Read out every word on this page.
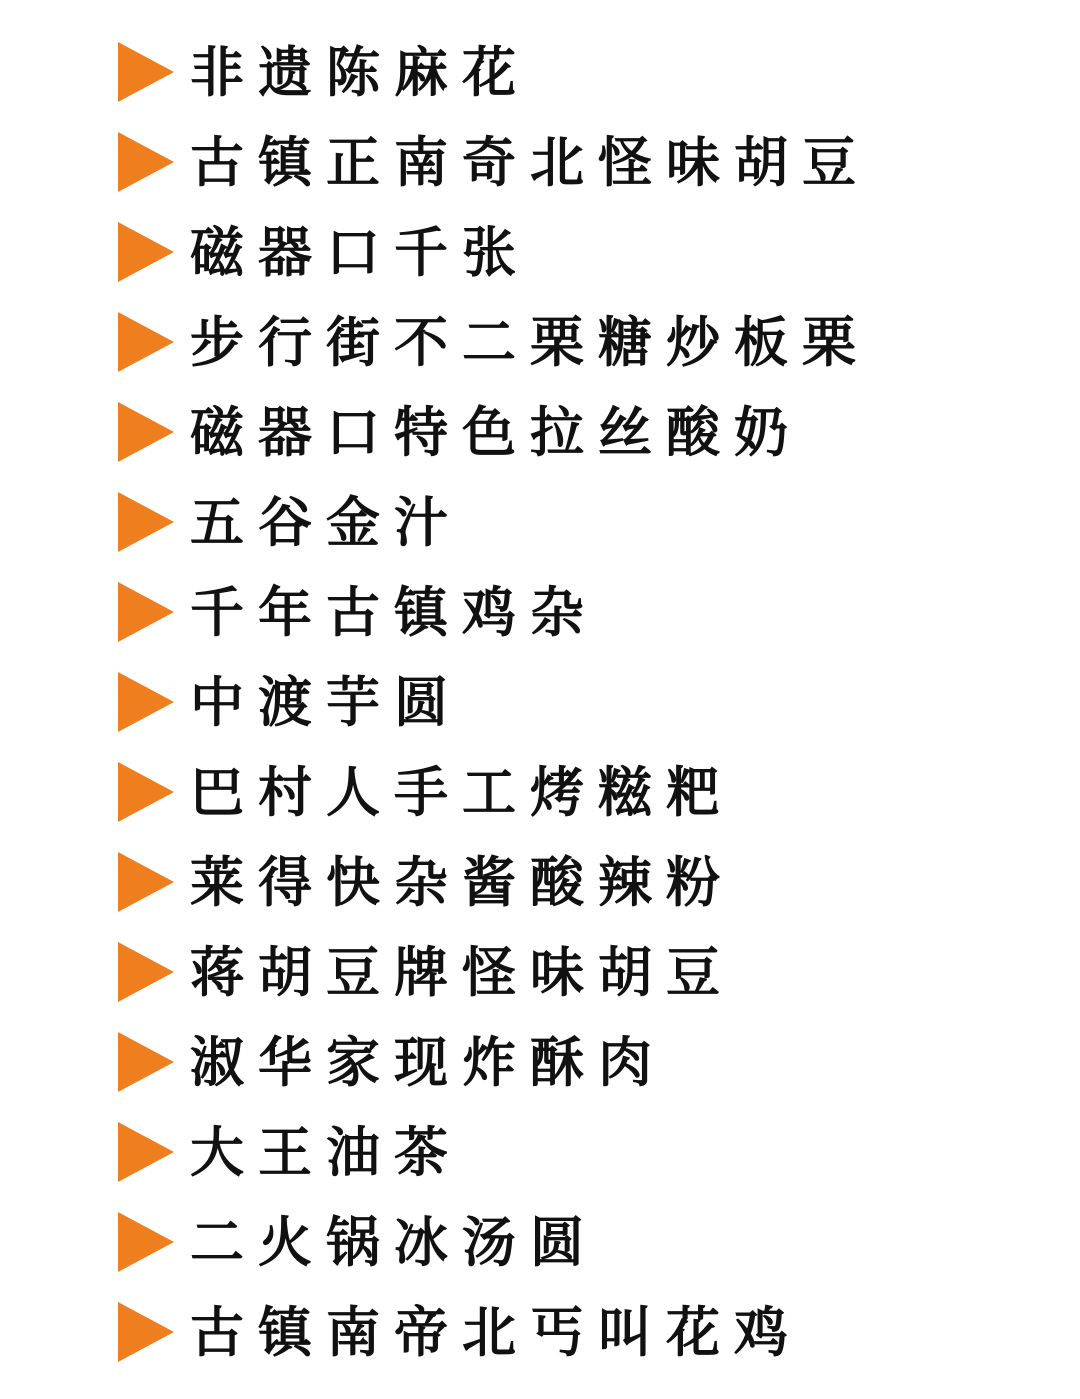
非遗陈麻花
古镇正南奇北怪味胡豆
磁器口千张
步行街不二栗糖炒板栗
磁器口特色拉丝酸奶
五谷金汁
千年古镇鸡杂
中渡芋圆
巴村人手工烤糍粑
莱得快杂酱酸辣粉
蒋胡豆牌怪味胡豆
淑华家现炸酥肉
大王油茶
二火锅冰汤圆
古镇南帝北丐叫花鸡
